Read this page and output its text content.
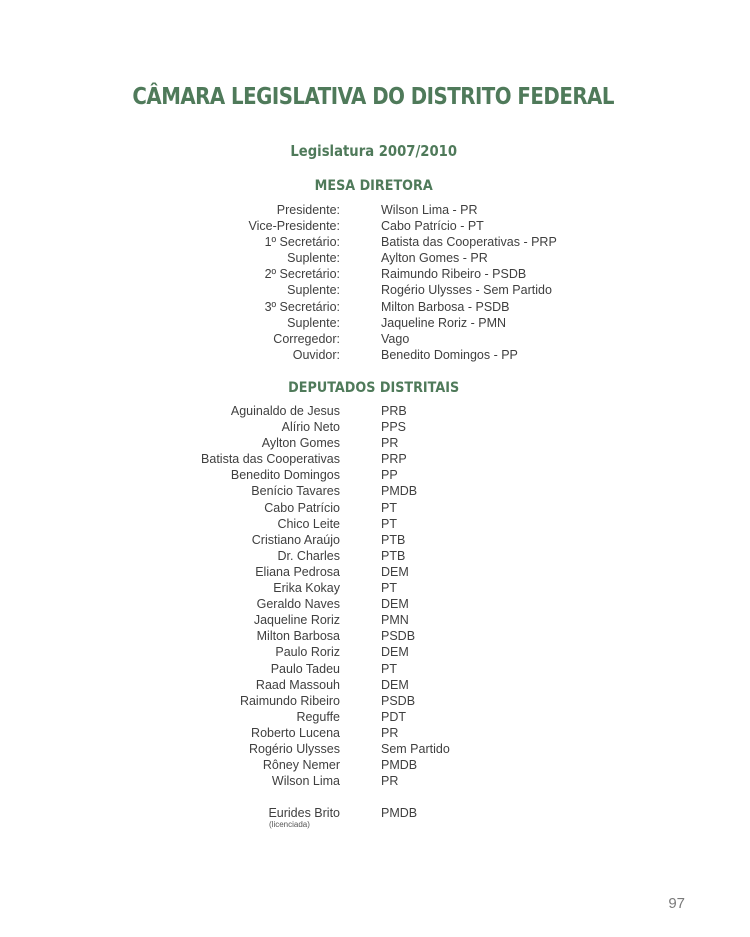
CÂMARA LEGISLATIVA DO DISTRITO FEDERAL
Legislatura 2007/2010
MESA DIRETORA
Presidente:	Wilson Lima - PR
Vice-Presidente:	Cabo Patrício - PT
1º Secretário:	Batista das Cooperativas - PRP
Suplente:	Aylton Gomes - PR
2º Secretário:	Raimundo Ribeiro - PSDB
Suplente:	Rogério Ulysses - Sem Partido
3º Secretário:	Milton Barbosa - PSDB
Suplente:	Jaqueline Roriz - PMN
Corregedor:	Vago
Ouvidor:	Benedito Domingos - PP
DEPUTADOS DISTRITAIS
Aguinaldo de Jesus	PRB
Alírio Neto	PPS
Aylton Gomes	PR
Batista das Cooperativas	PRP
Benedito Domingos	PP
Benício Tavares	PMDB
Cabo Patrício	PT
Chico Leite	PT
Cristiano Araújo	PTB
Dr. Charles	PTB
Eliana Pedrosa	DEM
Erika Kokay	PT
Geraldo Naves	DEM
Jaqueline Roriz	PMN
Milton Barbosa	PSDB
Paulo Roriz	DEM
Paulo Tadeu	PT
Raad Massouh	DEM
Raimundo Ribeiro	PSDB
Reguffe	PDT
Roberto Lucena	PR
Rogério Ulysses	Sem Partido
Rôney Nemer	PMDB
Wilson Lima	PR
Eurides Brito	PMDB
(licenciada)
97
